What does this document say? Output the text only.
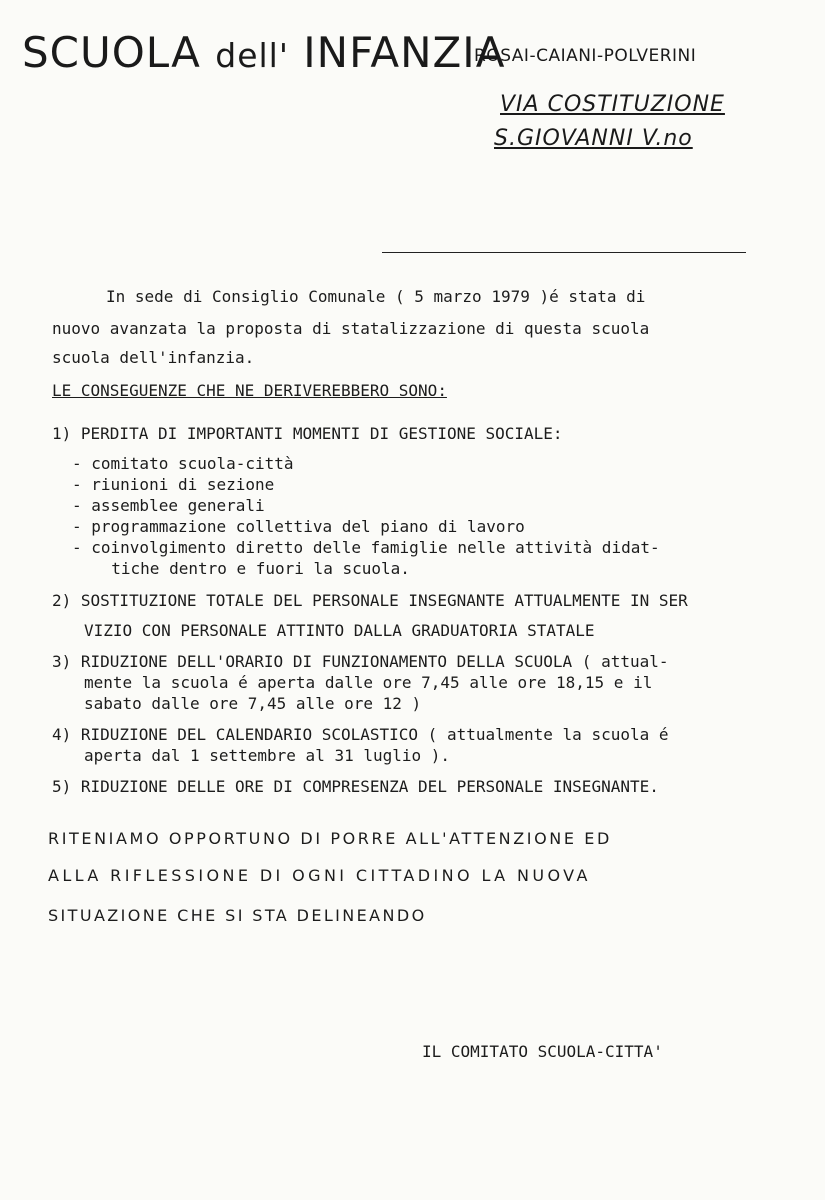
SCUOLA dell' INFANZIA
ROSAI-CAIANI-POLVERINI
VIA COSTITUZIONE
S.GIOVANNI V.no
In sede di Consiglio Comunale ( 5 marzo 1979 )é stata di
nuovo avanzata la proposta di statalizzazione di questa scuola
scuola dell'infanzia.
LE CONSEGUENZE CHE NE DERIVEREBBERO SONO:
1) PERDITA DI IMPORTANTI MOMENTI DI GESTIONE SOCIALE:
- comitato scuola-città
- riunioni di sezione
- assemblee generali
- programmazione collettiva del piano di lavoro
- coinvolgimento diretto delle famiglie nelle attività didat-
tiche dentro e fuori la scuola.
2) SOSTITUZIONE TOTALE DEL PERSONALE INSEGNANTE ATTUALMENTE IN SER
VIZIO CON PERSONALE ATTINTO DALLA GRADUATORIA STATALE
3) RIDUZIONE DELL'ORARIO DI FUNZIONAMENTO DELLA SCUOLA ( attual-
mente la scuola é aperta dalle ore 7,45 alle ore 18,15 e il
sabato dalle ore 7,45 alle ore 12 )
4) RIDUZIONE DEL CALENDARIO SCOLASTICO ( attualmente la scuola é
aperta dal 1 settembre al 31 luglio ).
5) RIDUZIONE DELLE ORE DI COMPRESENZA DEL PERSONALE INSEGNANTE.
RITENIAMO OPPORTUNO DI PORRE ALL'ATTENZIONE ED
ALLA RIFLESSIONE DI OGNI CITTADINO LA NUOVA
SITUAZIONE CHE SI STA DELINEANDO
IL COMITATO SCUOLA-CITTA'
